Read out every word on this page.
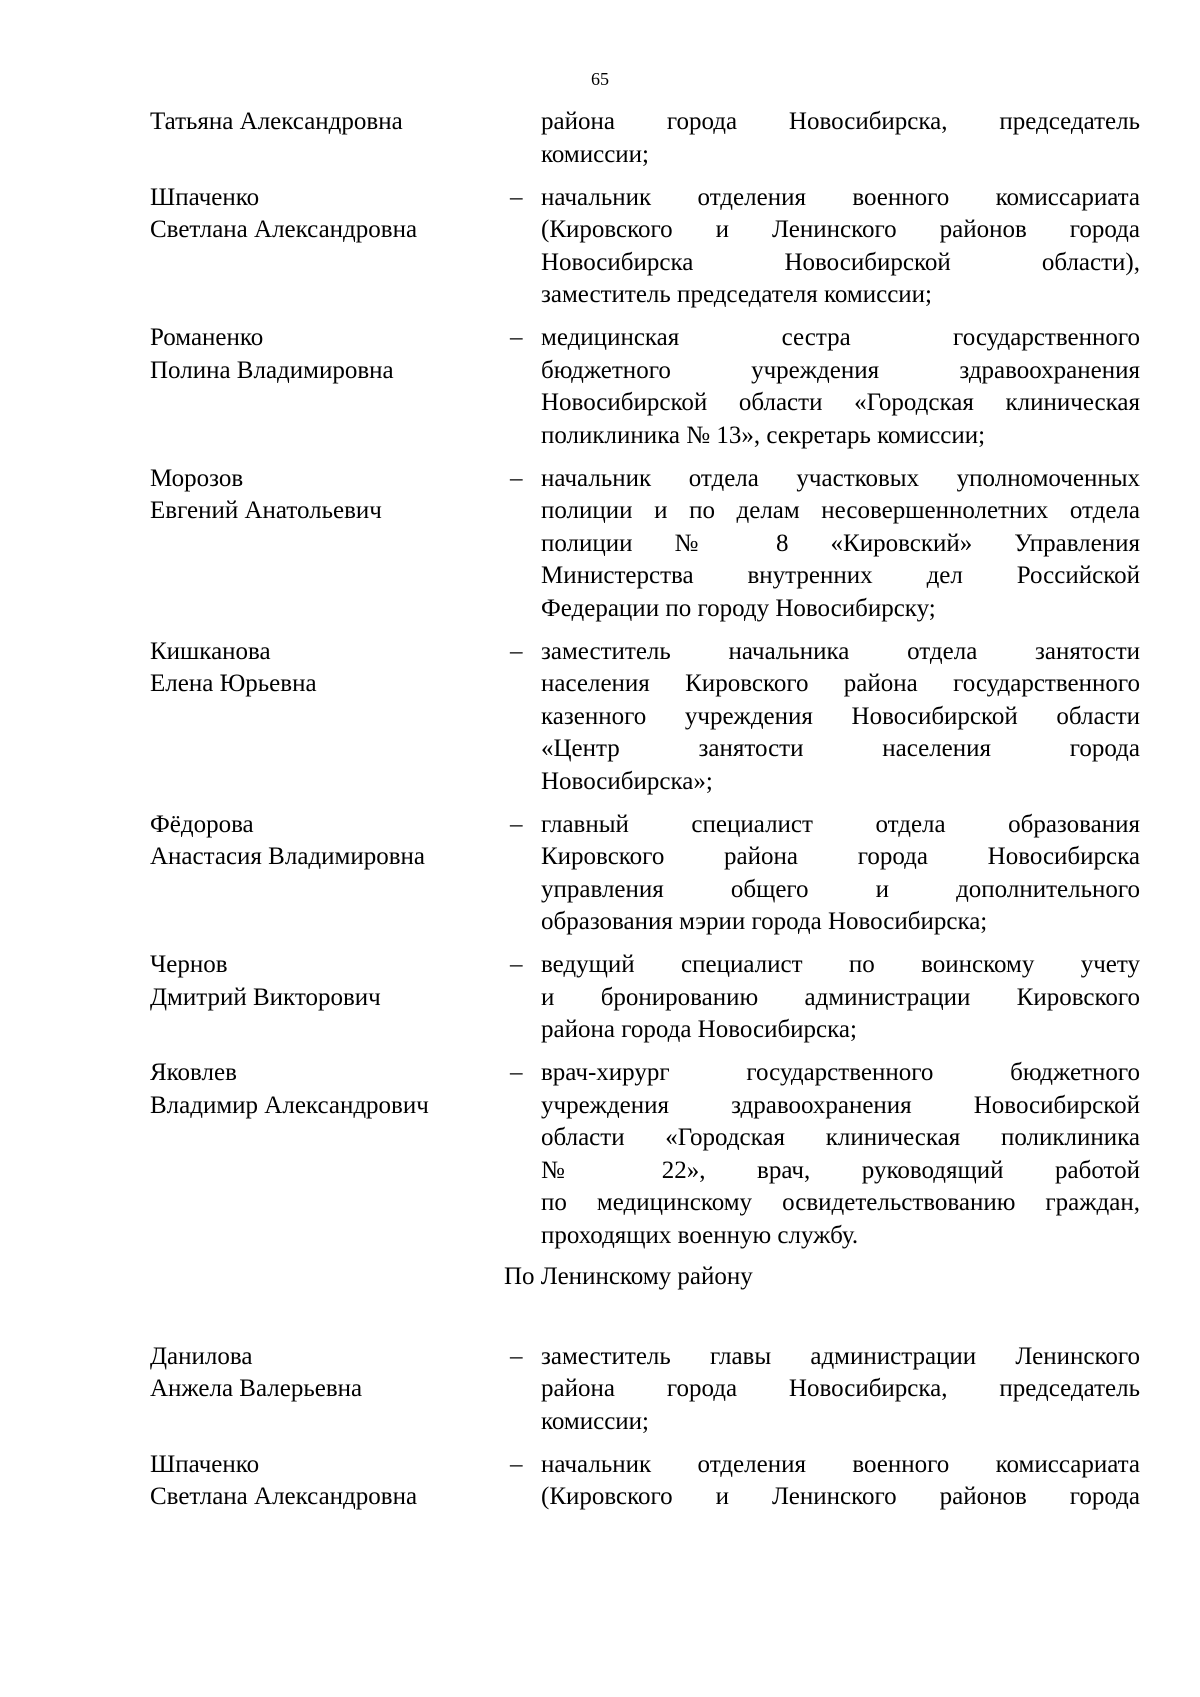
65
Татьяна Александровна	района города Новосибирска, председатель
комиссии;
Шпаченко
Светлана Александровна
– начальник отделения военного комиссариата
(Кировского и Ленинского районов города
Новосибирска Новосибирской области),
заместитель председателя комиссии;
Романенко
Полина Владимировна
– медицинская сестра государственного
бюджетного учреждения здравоохранения
Новосибирской области «Городская клиническая
поликлиника № 13», секретарь комиссии;
Морозов
Евгений Анатольевич
– начальник отдела участковых уполномоченных
полиции и по делам несовершеннолетних отдела
полиции № 8 «Кировский» Управления
Министерства внутренних дел Российской
Федерации по городу Новосибирску;
Кишканова
Елена Юрьевна
– заместитель начальника отдела занятости
населения Кировского района государственного
казенного учреждения Новосибирской области
«Центр занятости населения города
Новосибирска»;
Фёдорова
Анастасия Владимировна
– главный специалист отдела образования
Кировского района города Новосибирска
управления общего и дополнительного
образования мэрии города Новосибирска;
Чернов
Дмитрий Викторович
– ведущий специалист по воинскому учету
и бронированию администрации Кировского
района города Новосибирска;
Яковлев
Владимир Александрович
– врач-хирург государственного бюджетного
учреждения здравоохранения Новосибирской
области «Городская клиническая поликлиника
№ 22», врач, руководящий работой
по медицинскому освидетельствованию граждан,
проходящих военную службу.
По Ленинскому району
Данилова
Анжела Валерьевна
– заместитель главы администрации Ленинского
района города Новосибирска, председатель
комиссии;
Шпаченко
Светлана Александровна
– начальник отделения военного комиссариата
(Кировского и Ленинского районов города
